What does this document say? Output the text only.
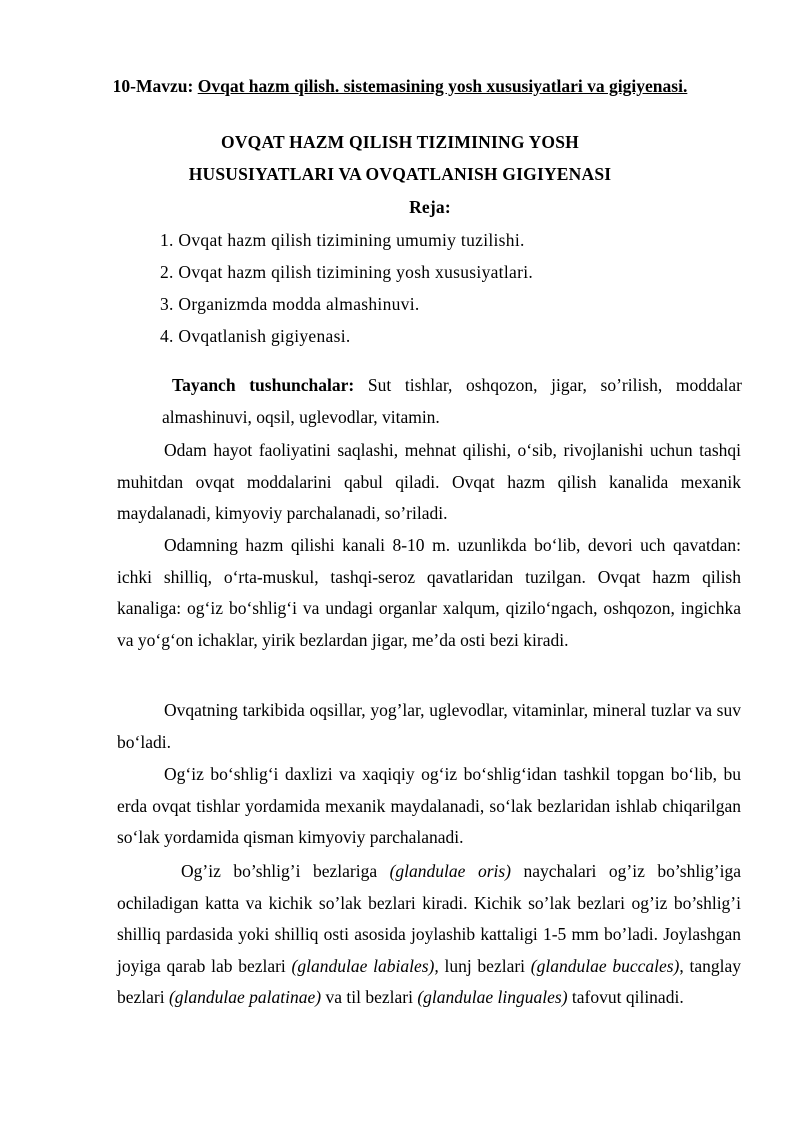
10-Mavzu: Ovqat hazm qilish. sistemasining yosh xususiyatlari va gigiyenasi.
OVQAT HAZM QILISH TIZIMINING YOSH
HUSUSIYATLARI VA OVQATLANISH GIGIYENASI
Reja:
1. Ovqat hazm qilish tizimining umumiy tuzilishi.
2. Ovqat hazm qilish tizimining yosh xususiyatlari.
3. Organizmda modda almashinuvi.
4. Ovqatlanish gigiyenasi.

Tayanch tushunchalar: Sut tishlar, oshqozon, jigar, so’rilish, moddalar almashinuvi, oqsil, uglevodlar, vitamin.

Odam hayot faoliyatini saqlashi, mehnat qilishi, o‘sib, rivojlanishi uchun tashqi muhitdan ovqat moddalarini qabul qiladi. Ovqat hazm qilish kanalida mexanik maydalanadi, kimyoviy parchalanadi, so’riladi.

Odamning hazm qilishi kanali 8-10 m. uzunlikda bo‘lib, devori uch qavatdan: ichki shilliq, o‘rta-muskul, tashqi-seroz qavatlaridan tuzilgan. Ovqat hazm qilish kanaliga: og‘iz bo‘shlig‘i va undagi organlar xalqum, qizilo‘ngach, oshqozon, ingichka va yo‘g‘on ichaklar, yirik bezlardan jigar, me’da osti bezi kiradi.

Ovqatning tarkibida oqsillar, yog’lar, uglevodlar, vitaminlar, mineral tuzlar va suv bo‘ladi.

Og‘iz bo‘shlig‘i daxlizi va xaqiqiy og‘iz bo‘shlig‘idan tashkil topgan bo‘lib, bu erda ovqat tishlar yordamida mexanik maydalanadi, so‘lak bezlaridan ishlab chiqarilgan so‘lak yordamida qisman kimyoviy parchalanadi.

Og’iz bo’shlig’i bezlariga (glandulae oris) naychalari og’iz bo’shlig’iga ochiladigan katta va kichik so’lak bezlari kiradi. Kichik so’lak bezlari og’iz bo’shlig’i shilliq pardasida yoki shilliq osti asosida joylashib kattaligi 1-5 mm bo’ladi. Joylashgan joyiga qarab lab bezlari (glandulae labiales), lunj bezlari (glandulae buccales), tanglay bezlari (glandulae palatinae) va til bezlari (glandulae linguales) tafovut qilinadi.
